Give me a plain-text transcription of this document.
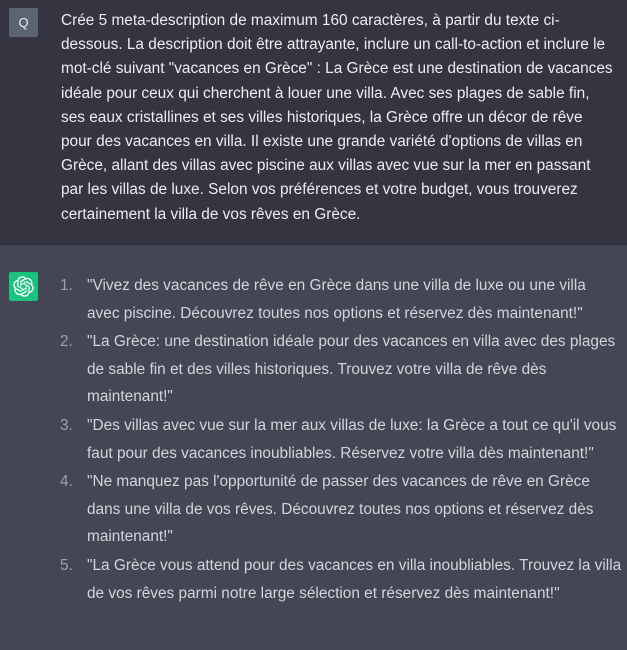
Q	Crée 5 meta-description de maximum 160 caractères, à partir du texte ci-dessous. La description doit être attrayante, inclure un call-to-action et inclure le mot-clé suivant "vacances en Grèce" : La Grèce est une destination de vacances idéale pour ceux qui cherchent à louer une villa. Avec ses plages de sable fin, ses eaux cristallines et ses villes historiques, la Grèce offre un décor de rêve pour des vacances en villa. Il existe une grande variété d'options de villas en Grèce, allant des villas avec piscine aux villas avec vue sur la mer en passant par les villas de luxe. Selon vos préférences et votre budget, vous trouverez certainement la villa de vos rêves en Grèce.

1. "Vivez des vacances de rêve en Grèce dans une villa de luxe ou une villa avec piscine. Découvrez toutes nos options et réservez dès maintenant!"
2. "La Grèce: une destination idéale pour des vacances en villa avec des plages de sable fin et des villes historiques. Trouvez votre villa de rêve dès maintenant!"
3. "Des villas avec vue sur la mer aux villas de luxe: la Grèce a tout ce qu'il vous faut pour des vacances inoubliables. Réservez votre villa dès maintenant!"
4. "Ne manquez pas l'opportunité de passer des vacances de rêve en Grèce dans une villa de vos rêves. Découvrez toutes nos options et réservez dès maintenant!"
5. "La Grèce vous attend pour des vacances en villa inoubliables. Trouvez la villa de vos rêves parmi notre large sélection et réservez dès maintenant!"
